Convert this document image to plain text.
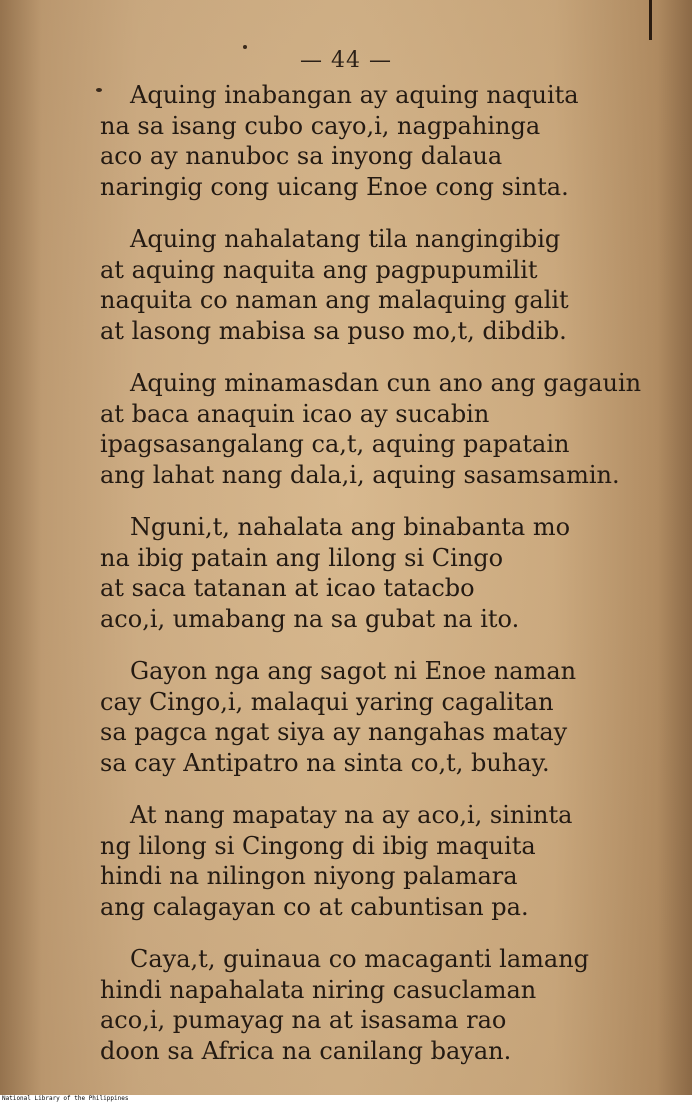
— 44 —
Aquing inabangan ay aquing naquita
na sa isang cubo cayo,i, nagpahinga
aco ay nanuboc sa inyong dalaua
naringig cong uicang Enoe cong sinta.
Aquing nahalatang tila nangingibig
at aquing naquita ang pagpupumilit
naquita co naman ang malaquing galit
at lasong mabisa sa puso mo,t, dibdib.
Aquing minamasdan cun ano ang gagauin
at baca anaquin icao ay sucabin
ipagsasangalang ca,t, aquing papatain
ang lahat nang dala,i, aquing sasamsamin.
Nguni,t, nahalata ang binabanta mo
na ibig patain ang lilong si Cingo
at saca tatanan at icao tatacbo
aco,i, umabang na sa gubat na ito.
Gayon nga ang sagot ni Enoe naman
cay Cingo,i, malaqui yaring cagalitan
sa pagca ngat siya ay nangahas matay
sa cay Antipatro na sinta co,t, buhay.
At nang mapatay na ay aco,i, sininta
ng lilong si Cingong di ibig maquita
hindi na nilingon niyong palamara
ang calagayan co at cabuntisan pa.
Caya,t, guinaua co macaganti lamang
hindi napahalata niring casuclaman
aco,i, pumayag na at isasama rao
doon sa Africa na canilang bayan.
National Library of the Philippines
